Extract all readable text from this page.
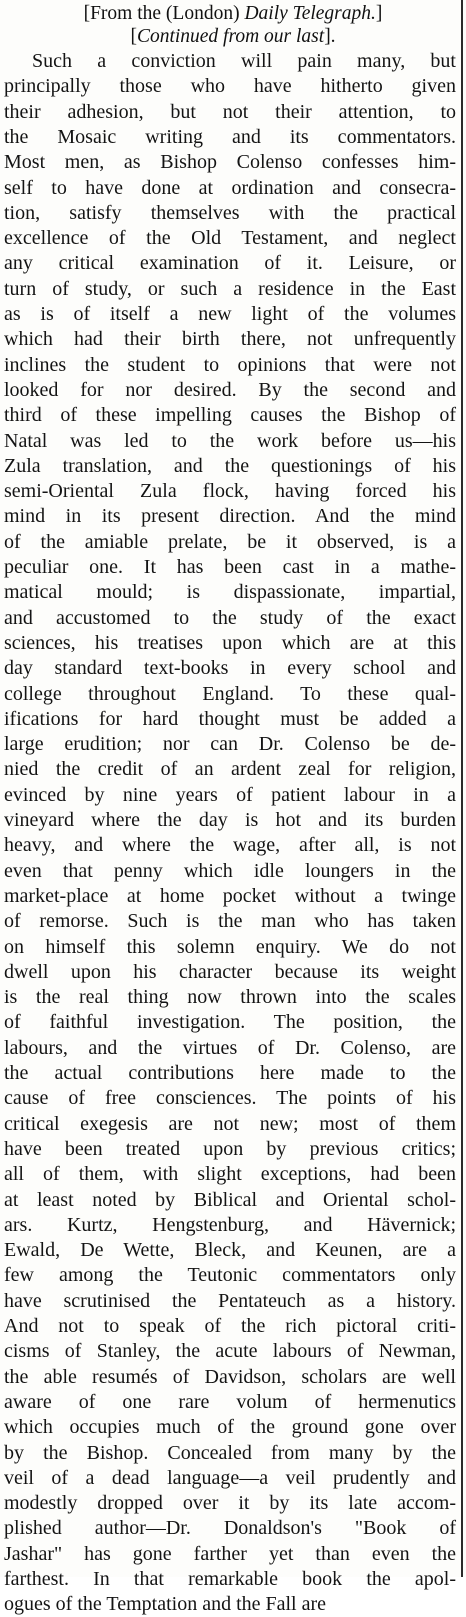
[From the (London) Daily Telegraph.]
[Continued from our last].
Such a conviction will pain many, but
principally those who have hitherto given
their adhesion, but not their attention, to
the Mosaic writing and its commentators.
Most men, as Bishop Colenso confesses him-
self to have done at ordination and consecra-
tion, satisfy themselves with the practical
excellence of the Old Testament, and neglect
any critical examination of it. Leisure, or
turn of study, or such a residence in the East
as is of itself a new light of the volumes
which had their birth there, not unfrequently
inclines the student to opinions that were not
looked for nor desired. By the second and
third of these impelling causes the Bishop of
Natal was led to the work before us—his
Zula translation, and the questionings of his
semi-Oriental Zula flock, having forced his
mind in its present direction. And the mind
of the amiable prelate, be it observed, is a
peculiar one. It has been cast in a mathe-
matical mould; is dispassionate, impartial,
and accustomed to the study of the exact
sciences, his treatises upon which are at this
day standard text-books in every school and
college throughout England. To these qual-
ifications for hard thought must be added a
large erudition; nor can Dr. Colenso be de-
nied the credit of an ardent zeal for religion,
evinced by nine years of patient labour in a
vineyard where the day is hot and its burden
heavy, and where the wage, after all, is not
even that penny which idle loungers in the
market-place at home pocket without a twinge
of remorse. Such is the man who has taken
on himself this solemn enquiry. We do not
dwell upon his character because its weight
is the real thing now thrown into the scales
of faithful investigation. The position, the
labours, and the virtues of Dr. Colenso, are
the actual contributions here made to the
cause of free consciences. The points of his
critical exegesis are not new; most of them
have been treated upon by previous critics;
all of them, with slight exceptions, had been
at least noted by Biblical and Oriental schol-
ars. Kurtz, Hengstenburg, and Hävernick;
Ewald, De Wette, Bleck, and Keunen, are a
few among the Teutonic commentators only
have scrutinised the Pentateuch as a history.
And not to speak of the rich pictoral criti-
cisms of Stanley, the acute labours of Newman,
the able resumés of Davidson, scholars are well
aware of one rare volum of hermenutics
which occupies much of the ground gone over
by the Bishop. Concealed from many by the
veil of a dead language—a veil prudently and
modestly dropped over it by its late accom-
plished author—Dr. Donaldson's "Book of
Jashar" has gone farther yet than even the
farthest. In that remarkable book the apol-
ogues of the Temptation and the Fall are
